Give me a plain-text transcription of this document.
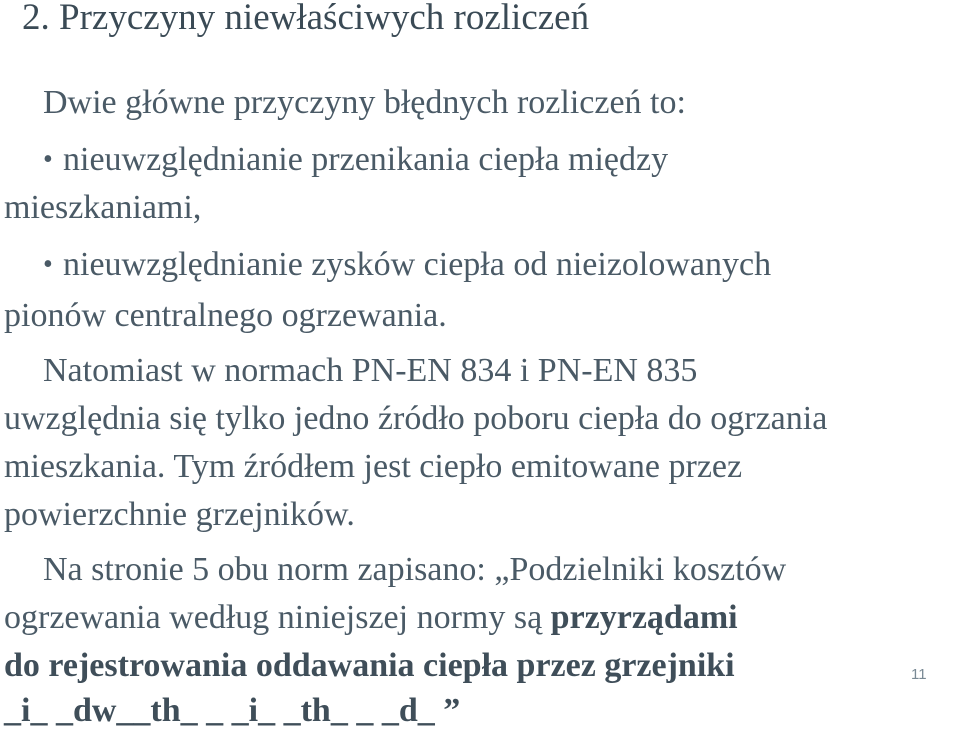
2. Przyczyny niewłaściwych rozliczeń

Dwie główne przyczyny błędnych rozliczeń to:

• nieuwzględnianie przenikania ciepła między

mieszkaniami,

• nieuwzględnianie zysków ciepła od nieizolowanych

pionów centralnego ogrzewania.

Natomiast w normach PN-EN 834 i PN-EN 835

uwzględnia się tylko jedno źródło poboru ciepła do ogrzania

mieszkania. Tym źródłem jest ciepło emitowane przez

powierzchnie grzejników.

Na stronie 5 obu norm zapisano: „Podzielniki kosztów

ogrzewania według niniejszej normy są przyrządami

do rejestrowania oddawania ciepła przez grzejniki

_i_ _dw__th_ _ _i_ _th_ _ _d_ ”

11
